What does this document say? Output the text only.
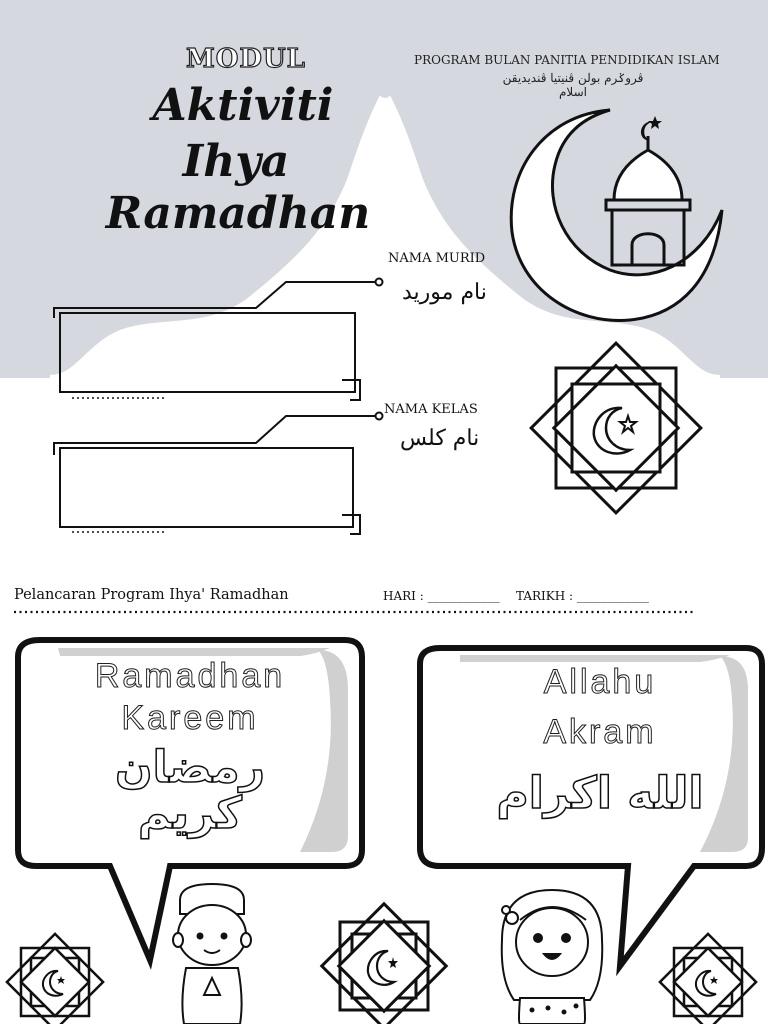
MODUL
Aktiviti
Ihya
Ramadhan
PROGRAM BULAN PANITIA PENDIDIKAN ISLAM
ڤروݢرم بولن ڤنيتيا ڤنديديقن اسلام
NAMA MURID
نام موريد
NAMA KELAS
نام کلس
Pelancaran Program Ihya' Ramadhan	HARI : ____________ TARIKH : ____________
Ramadhan
Kareem
رمضان
كريم
Allahu
Akram
الله اكرام
